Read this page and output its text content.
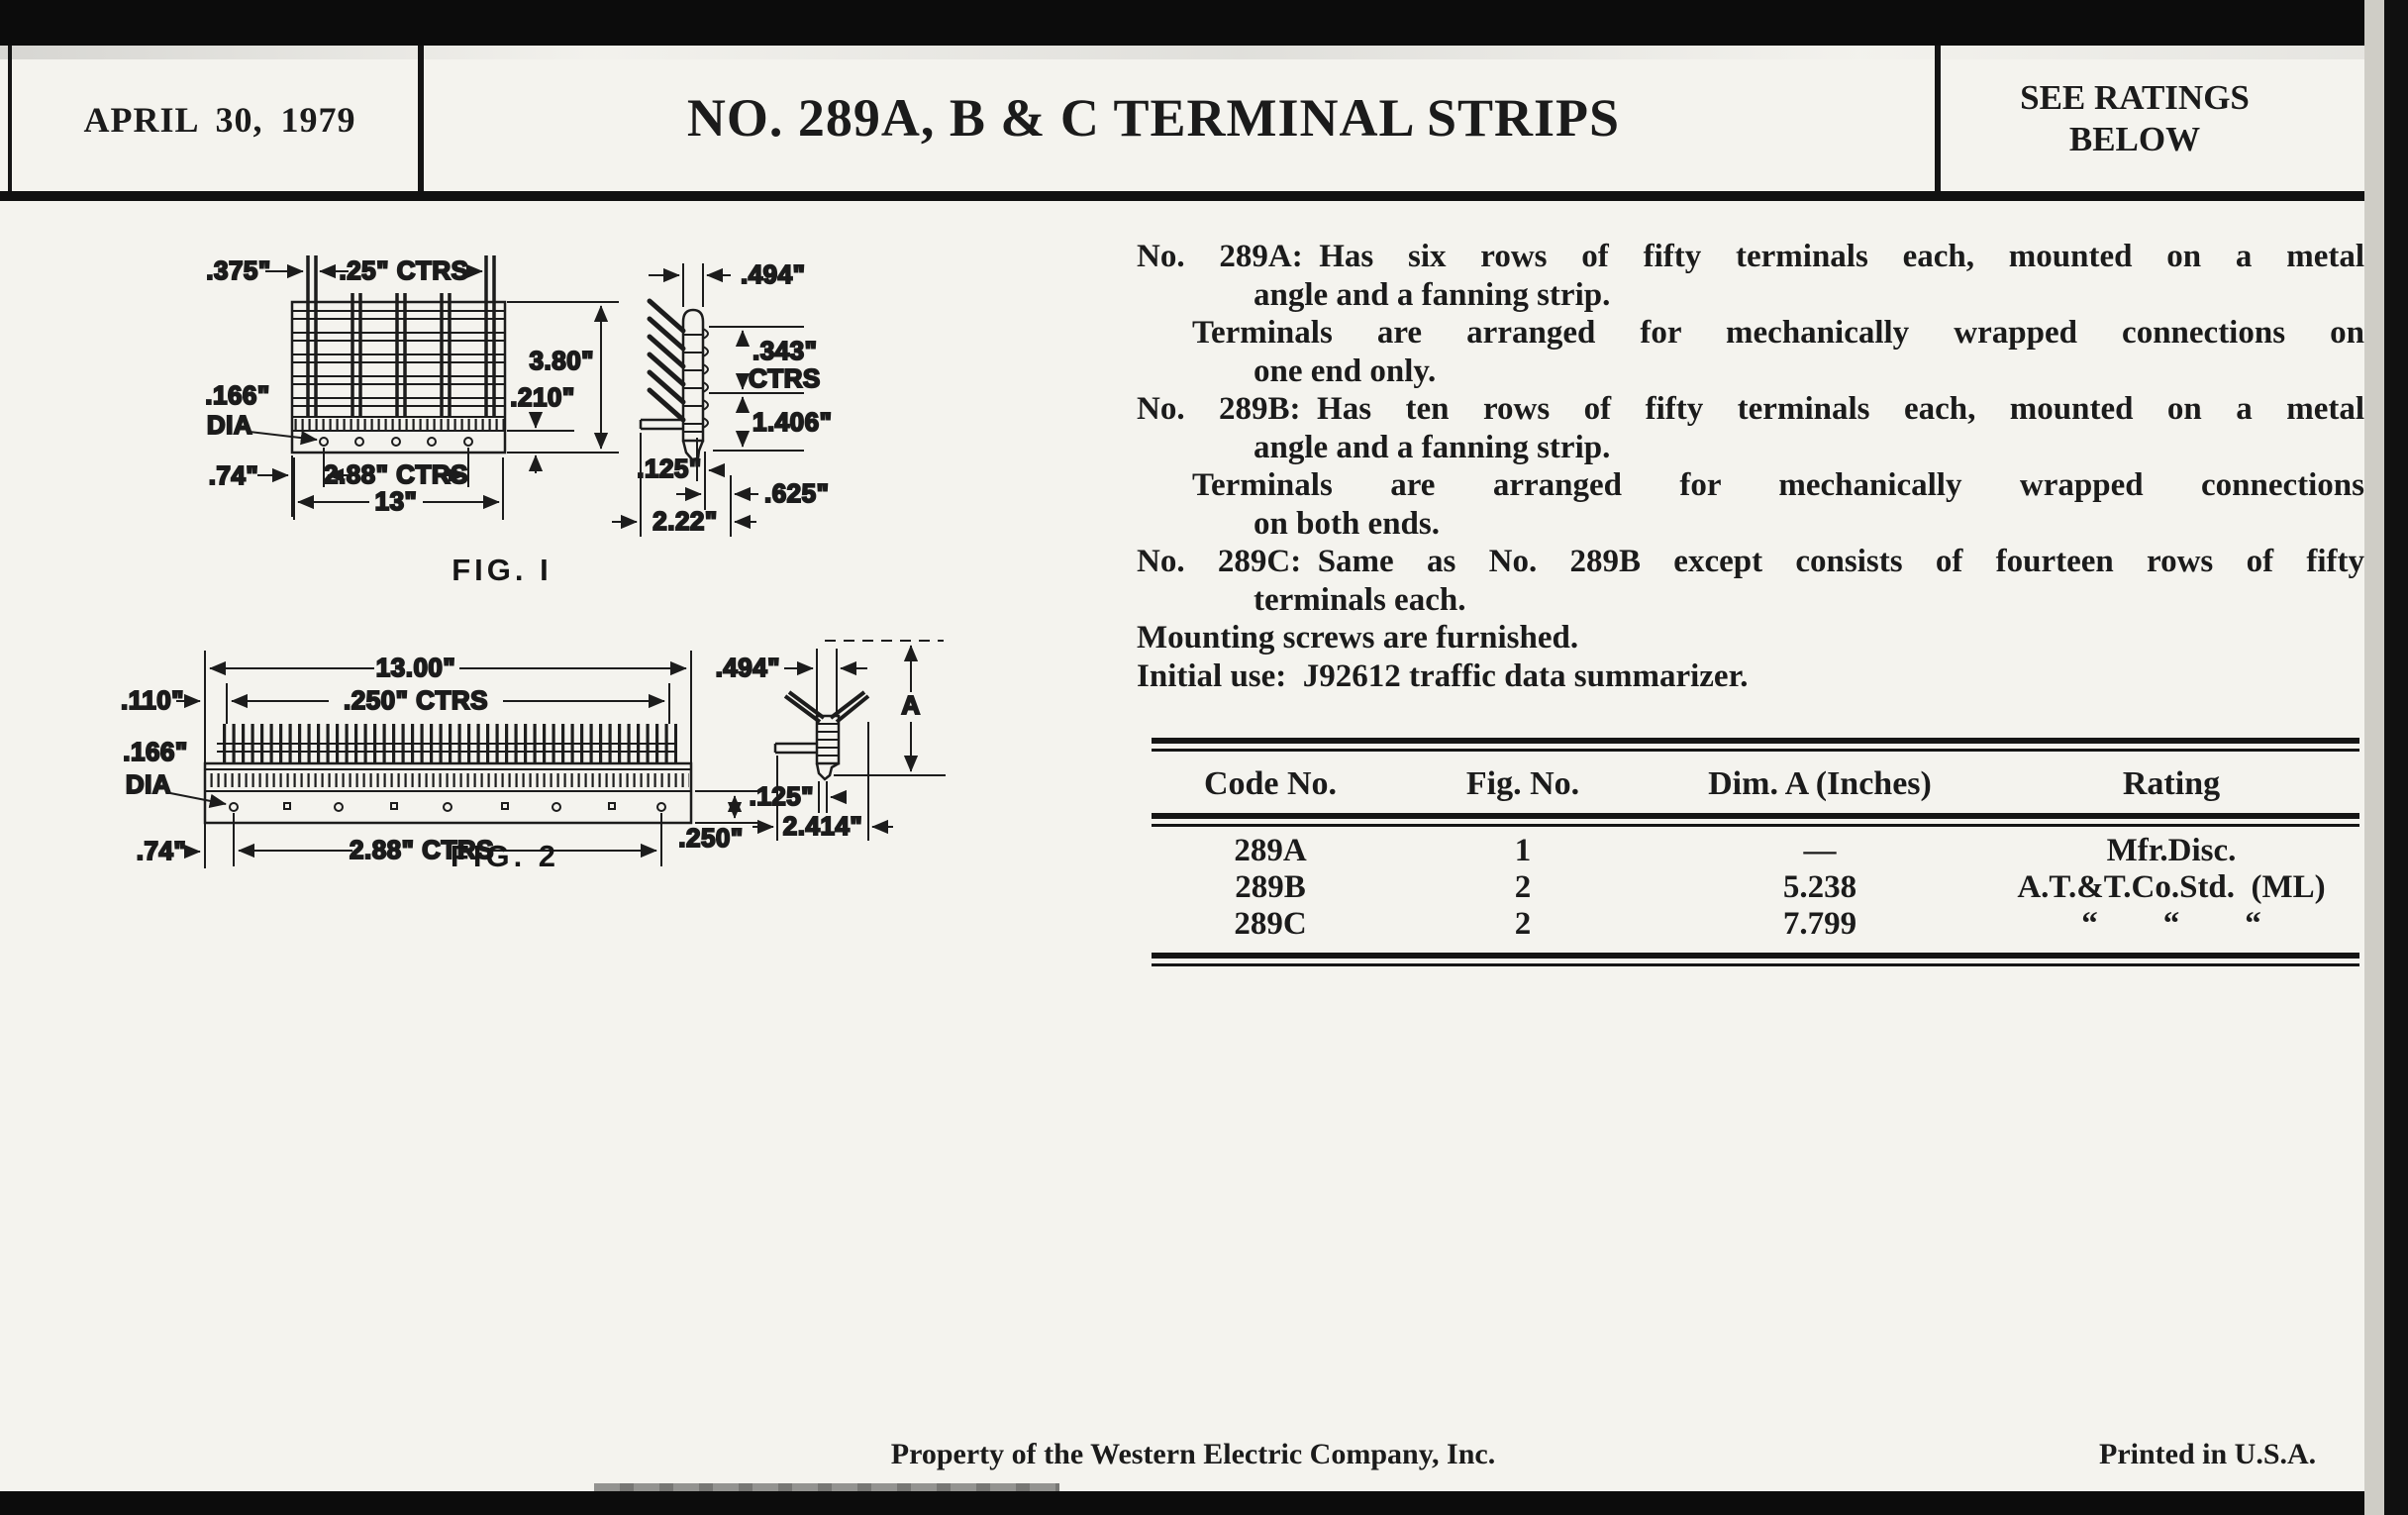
APRIL 30, 1979	NO. 289A, B & C TERMINAL STRIPS	SEE RATINGS
BELOW
.375"	.25" CTRS
3.80"
.210"
.166"
DIA
.74"	2.88" CTRS
13"
.494"
.343"
CTRS
1.406"
.125"
.625"
2.22"
FIG. I
13.00"
.250" CTRS
.110"
.166"
DIA
.74"	2.88" CTRS	.250"
.494"
A
.125"
2.414"
FIG. 2
No. 289A: Has six rows of fifty terminals each, mounted on a metal
angle and a fanning strip.
Terminals are arranged for mechanically wrapped connections on
one end only.
No. 289B: Has ten rows of fifty terminals each, mounted on a metal
angle and a fanning strip.
Terminals are arranged for mechanically wrapped connections
on both ends.
No. 289C: Same as No. 289B except consists of fourteen rows of fifty
terminals each.
Mounting screws are furnished.
Initial use: J92612 traffic data summarizer.
Code No.	Fig. No.	Dim. A (Inches)	Rating
289A	1	—	Mfr.Disc.
289B	2	5.238	A.T.&T.Co.Std. (ML)
289C	2	7.799	“  “  “
Property of the Western Electric Company, Inc.	Printed in U.S.A.
